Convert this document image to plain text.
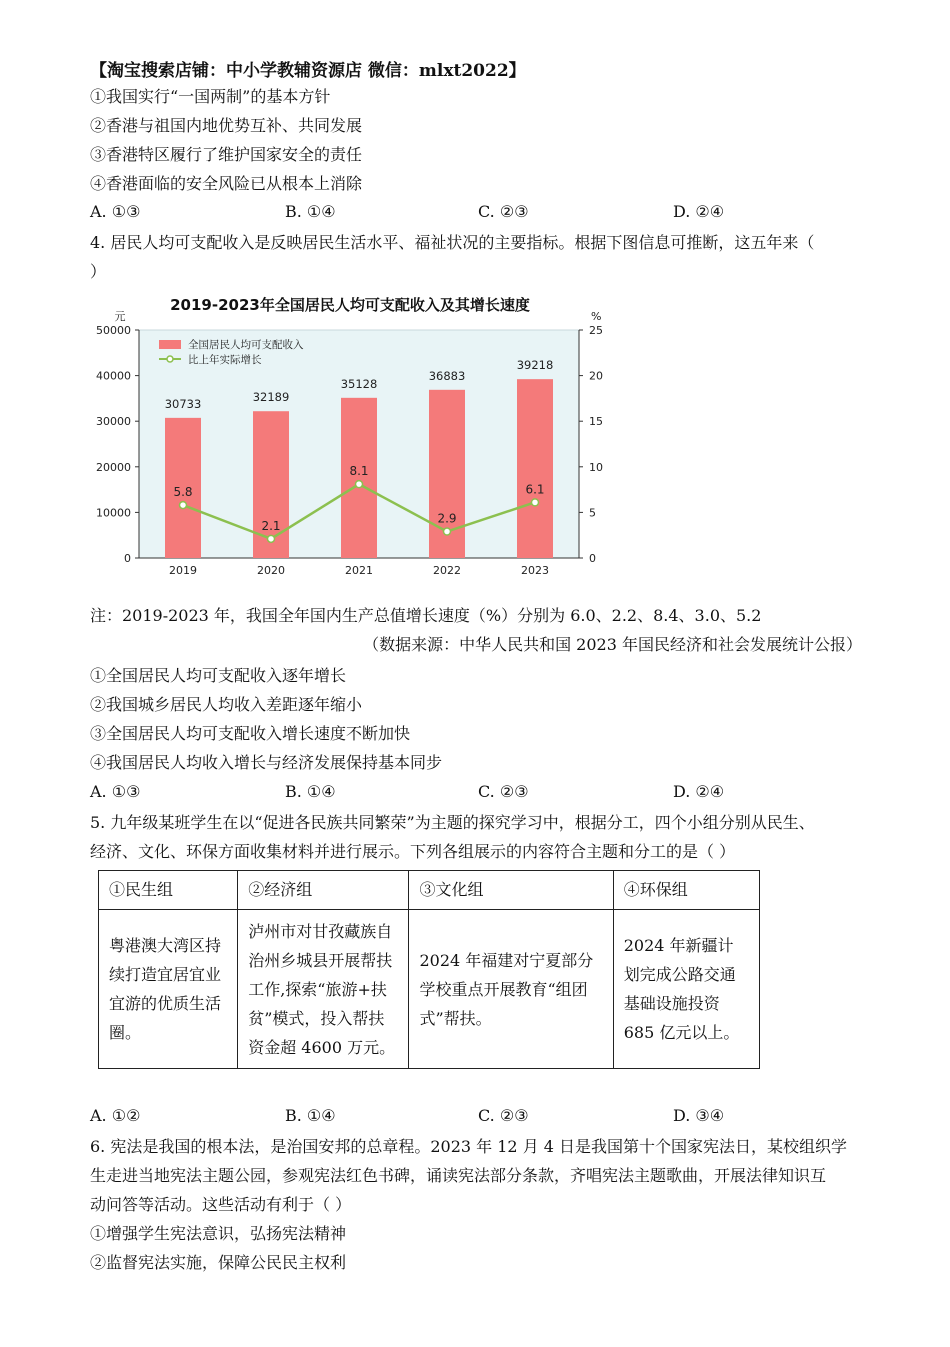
【淘宝搜索店铺：中小学教辅资源店 微信：mlxt2022】
①我国实行“一国两制”的基本方针
②香港与祖国内地优势互补、共同发展
③香港特区履行了维护国家安全的责任
④香港面临的安全风险已从根本上消除
A. ①③	B. ①④	C. ②③	D. ②④
4. 居民人均可支配收入是反映居民生活水平、福祉状况的主要指标。根据下图信息可推断，这五年来（
）
2019-2023年全国居民人均可支配收入及其增长速度
0
10000
20000
30000
40000
50000
元
0
5
10
15
20
25
%
30733	32189
35128
36883
39218
2019	2020	2021	2022	2023
5.8
2.1
8.1
2.9
6.1
全国居民人均可支配收入
比上年实际增长
注：2019-2023 年，我国全年国内生产总值增长速度（%）分别为 6.0、2.2、8.4、3.0、5.2
（数据来源：中华人民共和国 2023 年国民经济和社会发展统计公报）
①全国居民人均可支配收入逐年增长
②我国城乡居民人均收入差距逐年缩小
③全国居民人均可支配收入增长速度不断加快
④我国居民人均收入增长与经济发展保持基本同步
A. ①③	B. ①④	C. ②③	D. ②④
5. 九年级某班学生在以“促进各民族共同繁荣”为主题的探究学习中，根据分工，四个小组分别从民生、
经济、文化、环保方面收集材料并进行展示。下列各组展示的内容符合主题和分工的是（ ）
①民生组	②经济组	③文化组	④环保组
粤港澳大湾区持续打造宜居宜业宜游的优质生活圈。	泸州市对甘孜藏族自治州乡城县开展帮扶工作,探索“旅游+扶贫”模式，投入帮扶资金超 4600 万元。	2024 年福建对宁夏部分学校重点开展教育“组团式”帮扶。	2024 年新疆计划完成公路交通基础设施投资 685 亿元以上。
A. ①②	B. ①④	C. ②③	D. ③④
6. 宪法是我国的根本法，是治国安邦的总章程。2023 年 12 月 4 日是我国第十个国家宪法日，某校组织学
生走进当地宪法主题公园，参观宪法红色书碑，诵读宪法部分条款，齐唱宪法主题歌曲，开展法律知识互
动问答等活动。这些活动有利于（ ）
①增强学生宪法意识，弘扬宪法精神
②监督宪法实施，保障公民民主权利
